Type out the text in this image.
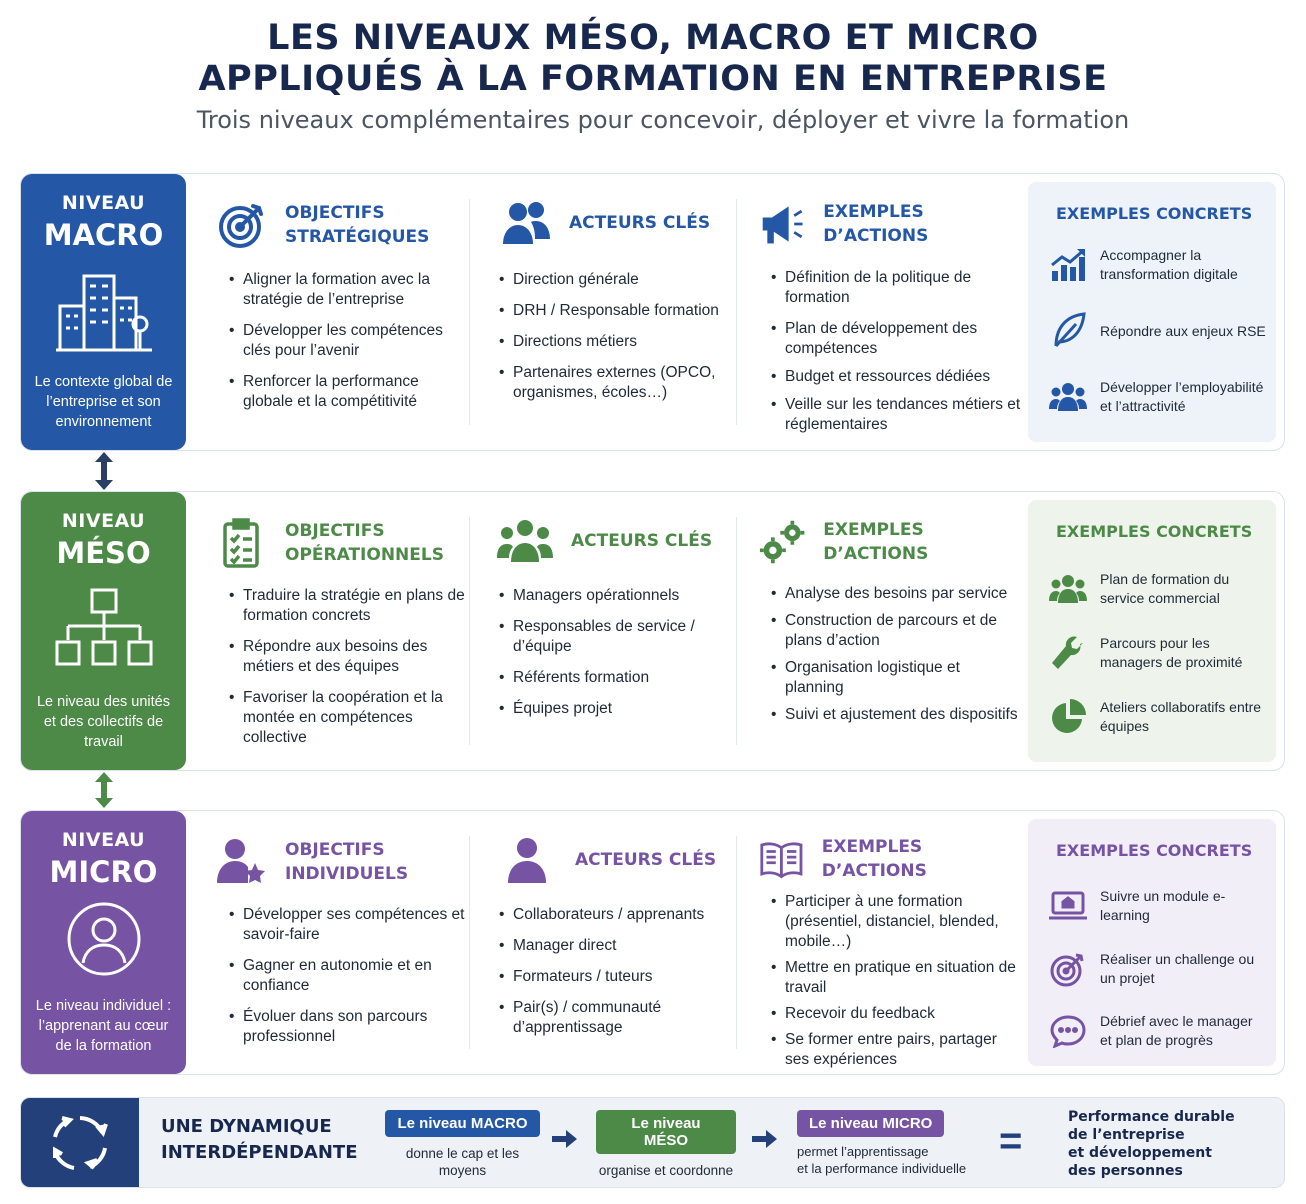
LES NIVEAUX MÉSO, MACRO ET MICRO
APPLIQUÉS À LA FORMATION EN ENTREPRISE
Trois niveaux complémentaires pour concevoir, déployer et vivre la formation
NIVEAU
MACRO
Le contexte global de l’entreprise et son environnement
OBJECTIFS
STRATÉGIQUES
• Aligner la formation avec la stratégie de l’entreprise
• Développer les compétences clés pour l’avenir
• Renforcer la performance globale et la compétitivité
ACTEURS CLÉS
• Direction générale
• DRH / Responsable formation
• Directions métiers
• Partenaires externes (OPCO, organismes, écoles…)
EXEMPLES D’ACTIONS
• Définition de la politique de formation
• Plan de développement des compétences
• Budget et ressources dédiées
• Veille sur les tendances métiers et réglementaires
EXEMPLES CONCRETS
Accompagner la transformation digitale
Répondre aux enjeux RSE
Développer l’employabilité et l’attractivité
NIVEAU
MÉSO
Le niveau des unités et des collectifs de travail
OBJECTIFS
OPÉRATIONNELS
• Traduire la stratégie en plans de formation concrets
• Répondre aux besoins des métiers et des équipes
• Favoriser la coopération et la montée en compétences collective
ACTEURS CLÉS
• Managers opérationnels
• Responsables de service / d’équipe
• Référents formation
• Équipes projet
EXEMPLES D’ACTIONS
• Analyse des besoins par service
• Construction de parcours et de plans d’action
• Organisation logistique et planning
• Suivi et ajustement des dispositifs
EXEMPLES CONCRETS
Plan de formation du service commercial
Parcours pour les managers de proximité
Ateliers collaboratifs entre équipes
NIVEAU
MICRO
Le niveau individuel : l’apprenant au cœur de la formation
OBJECTIFS
INDIVIDUELS
• Développer ses compétences et savoir-faire
• Gagner en autonomie et en confiance
• Évoluer dans son parcours professionnel
ACTEURS CLÉS
• Collaborateurs / apprenants
• Manager direct
• Formateurs / tuteurs
• Pair(s) / communauté d’apprentissage
EXEMPLES D’ACTIONS
• Participer à une formation (présentiel, distanciel, blended, mobile…)
• Mettre en pratique en situation de travail
• Recevoir du feedback
• Se former entre pairs, partager ses expériences
EXEMPLES CONCRETS
Suivre un module e-learning
Réaliser un challenge ou un projet
Débrief avec le manager et plan de progrès
UNE DYNAMIQUE
INTERDÉPENDANTE
Le niveau MACRO
donne le cap et les moyens
Le niveau MÉSO
organise et coordonne
Le niveau MICRO
permet l’apprentissage
et la performance individuelle
=
Performance durable
de l’entreprise
et développement
des personnes
